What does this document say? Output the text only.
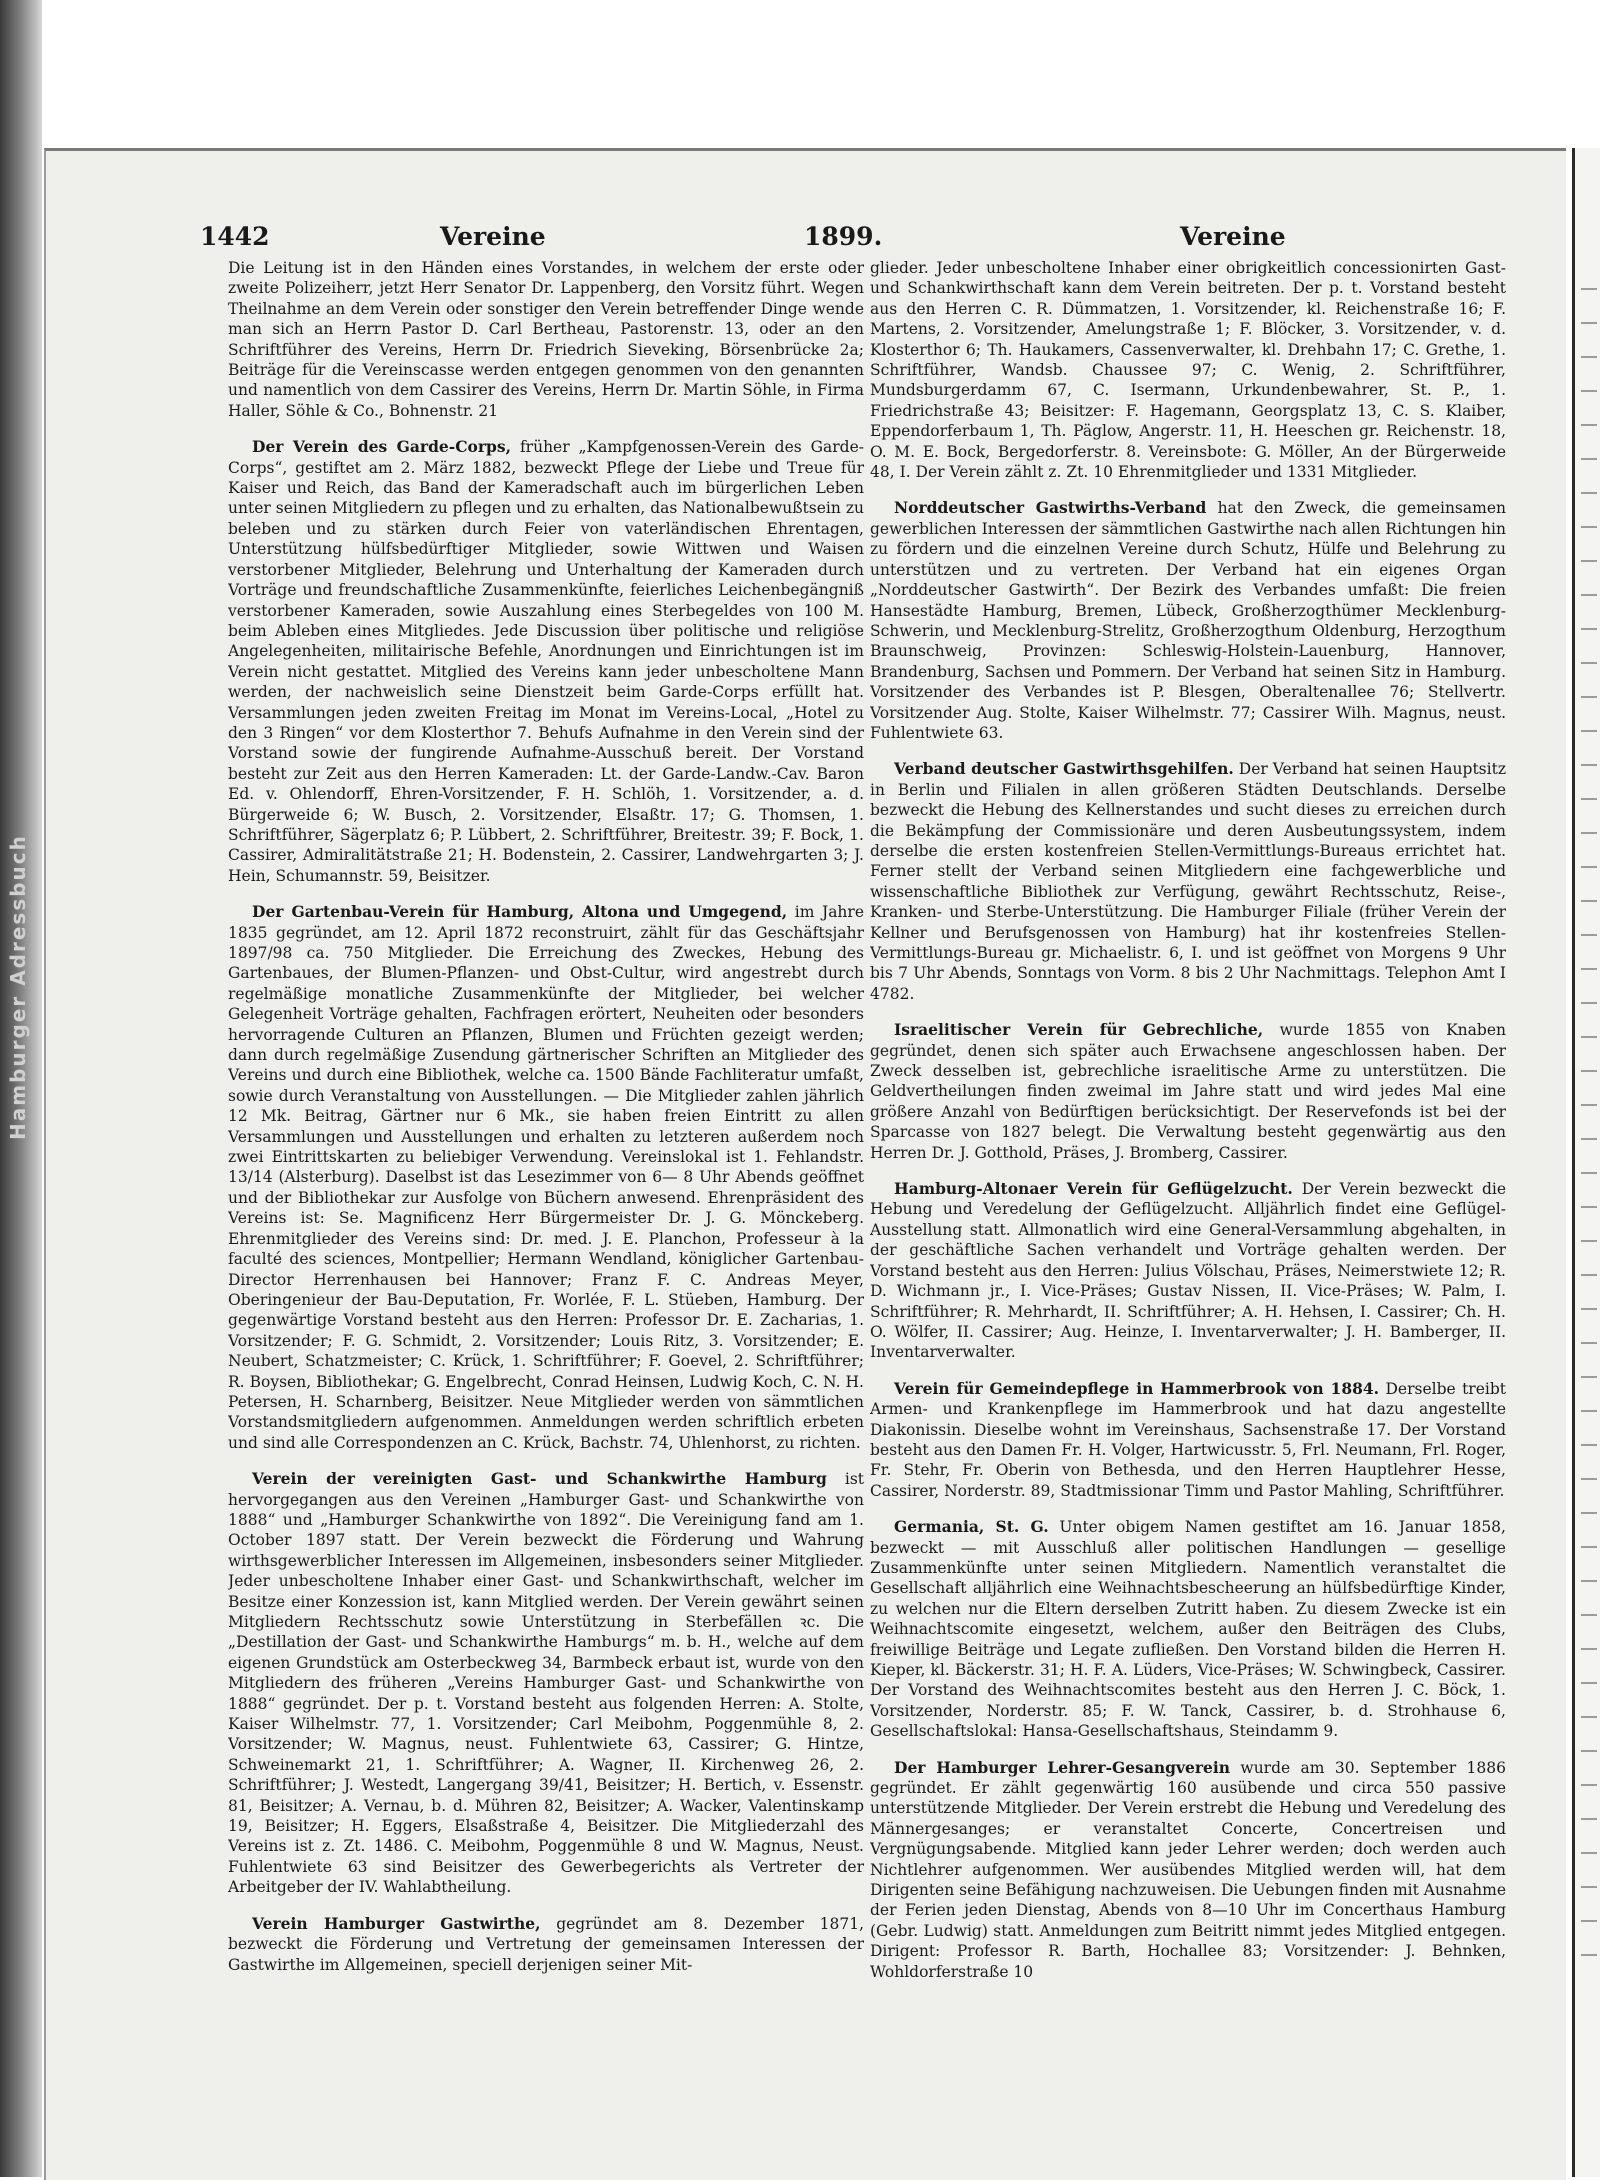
Hamburger Adressbuch
1442	Vereine	1899.	Vereine

Die Leitung ist in den Händen eines Vorstandes, in welchem der erste oder zweite Polizeiherr, jetzt Herr Senator Dr. Lappenberg, den Vorsitz führt. Wegen Theilnahme an dem Verein oder sonstiger den Verein betreffender Dinge wende man sich an Herrn Pastor D. Carl Bertheau, Pastorenstr. 13, oder an den Schriftführer des Vereins, Herrn Dr. Friedrich Sieveking, Börsenbrücke 2a; Beiträge für die Vereinscasse werden entgegen genommen von den genannten und namentlich von dem Cassirer des Vereins, Herrn Dr. Martin Söhle, in Firma Haller, Söhle & Co., Bohnenstr. 21

Der Verein des Garde-Corps, früher „Kampfgenossen-Verein des Garde-Corps“, gestiftet am 2. März 1882, bezweckt Pflege der Liebe und Treue für Kaiser und Reich, das Band der Kameradschaft auch im bürgerlichen Leben unter seinen Mitgliedern zu pflegen und zu erhalten, das Nationalbewußtsein zu beleben und zu stärken durch Feier von vaterländischen Ehrentagen, Unterstützung hülfsbedürftiger Mitglieder, sowie Wittwen und Waisen verstorbener Mitglieder, Belehrung und Unterhaltung der Kameraden durch Vorträge und freundschaftliche Zusammenkünfte, feierliches Leichenbegängniß verstorbener Kameraden, sowie Auszahlung eines Sterbegeldes von 100 M. beim Ableben eines Mitgliedes. Jede Discussion über politische und religiöse Angelegenheiten, militairische Befehle, Anordnungen und Einrichtungen ist im Verein nicht gestattet. Mitglied des Vereins kann jeder unbescholtene Mann werden, der nachweislich seine Dienstzeit beim Garde-Corps erfüllt hat. Versammlungen jeden zweiten Freitag im Monat im Vereins-Local, „Hotel zu den 3 Ringen“ vor dem Klosterthor 7. Behufs Aufnahme in den Verein sind der Vorstand sowie der fungirende Aufnahme-Ausschuß bereit. Der Vorstand besteht zur Zeit aus den Herren Kameraden: Lt. der Garde-Landw.-Cav. Baron Ed. v. Ohlendorff, Ehren-Vorsitzender, F. H. Schlöh, 1. Vorsitzender, a. d. Bürgerweide 6; W. Busch, 2. Vorsitzender, Elsaßtr. 17; G. Thomsen, 1. Schriftführer, Sägerplatz 6; P. Lübbert, 2. Schriftführer, Breitestr. 39; F. Bock, 1. Cassirer, Admiralitätstraße 21; H. Bodenstein, 2. Cassirer, Landwehrgarten 3; J. Hein, Schumannstr. 59, Beisitzer.

Der Gartenbau-Verein für Hamburg, Altona und Umgegend, im Jahre 1835 gegründet, am 12. April 1872 reconstruirt, zählt für das Geschäftsjahr 1897/98 ca. 750 Mitglieder. Die Erreichung des Zweckes, Hebung des Gartenbaues, der Blumen-Pflanzen- und Obst-Cultur, wird angestrebt durch regelmäßige monatliche Zusammenkünfte der Mitglieder, bei welcher Gelegenheit Vorträge gehalten, Fachfragen erörtert, Neuheiten oder besonders hervorragende Culturen an Pflanzen, Blumen und Früchten gezeigt werden; dann durch regelmäßige Zusendung gärtnerischer Schriften an Mitglieder des Vereins und durch eine Bibliothek, welche ca. 1500 Bände Fachliteratur umfaßt, sowie durch Veranstaltung von Ausstellungen. — Die Mitglieder zahlen jährlich 12 Mk. Beitrag, Gärtner nur 6 Mk., sie haben freien Eintritt zu allen Versammlungen und Ausstellungen und erhalten zu letzteren außerdem noch zwei Eintrittskarten zu beliebiger Verwendung. Vereinslokal ist 1. Fehlandstr. 13/14 (Alsterburg). Daselbst ist das Lesezimmer von 6— 8 Uhr Abends geöffnet und der Bibliothekar zur Ausfolge von Büchern anwesend. Ehrenpräsident des Vereins ist: Se. Magnificenz Herr Bürgermeister Dr. J. G. Mönckeberg. Ehrenmitglieder des Vereins sind: Dr. med. J. E. Planchon, Professeur à la faculté des sciences, Montpellier; Hermann Wendland, königlicher Gartenbau-Director Herrenhausen bei Hannover; Franz F. C. Andreas Meyer, Oberingenieur der Bau-Deputation, Fr. Worlée, F. L. Stüeben, Hamburg. Der gegenwärtige Vorstand besteht aus den Herren: Professor Dr. E. Zacharias, 1. Vorsitzender; F. G. Schmidt, 2. Vorsitzender; Louis Ritz, 3. Vorsitzender; E. Neubert, Schatzmeister; C. Krück, 1. Schriftführer; F. Goevel, 2. Schriftführer; R. Boysen, Bibliothekar; G. Engelbrecht, Conrad Heinsen, Ludwig Koch, C. N. H. Petersen, H. Scharnberg, Beisitzer. Neue Mitglieder werden von sämmtlichen Vorstandsmitgliedern aufgenommen. Anmeldungen werden schriftlich erbeten und sind alle Correspondenzen an C. Krück, Bachstr. 74, Uhlenhorst, zu richten.

Verein der vereinigten Gast- und Schankwirthe Hamburg ist hervorgegangen aus den Vereinen „Hamburger Gast- und Schankwirthe von 1888“ und „Hamburger Schankwirthe von 1892“. Die Vereinigung fand am 1. October 1897 statt. Der Verein bezweckt die Förderung und Wahrung wirthsgewerblicher Interessen im Allgemeinen, insbesonders seiner Mitglieder. Jeder unbescholtene Inhaber einer Gast- und Schankwirthschaft, welcher im Besitze einer Konzession ist, kann Mitglied werden. Der Verein gewährt seinen Mitgliedern Rechtsschutz sowie Unterstützung in Sterbefällen ꝛc. Die „Destillation der Gast- und Schankwirthe Hamburgs“ m. b. H., welche auf dem eigenen Grundstück am Osterbeckweg 34, Barmbeck erbaut ist, wurde von den Mitgliedern des früheren „Vereins Hamburger Gast- und Schankwirthe von 1888“ gegründet. Der p. t. Vorstand besteht aus folgenden Herren: A. Stolte, Kaiser Wilhelmstr. 77, 1. Vorsitzender; Carl Meibohm, Poggenmühle 8, 2. Vorsitzender; W. Magnus, neust. Fuhlentwiete 63, Cassirer; G. Hintze, Schweinemarkt 21, 1. Schriftführer; A. Wagner, II. Kirchenweg 26, 2. Schriftführer; J. Westedt, Langergang 39/41, Beisitzer; H. Bertich, v. Essenstr. 81, Beisitzer; A. Vernau, b. d. Mühren 82, Beisitzer; A. Wacker, Valentinskamp 19, Beisitzer; H. Eggers, Elsaßstraße 4, Beisitzer. Die Mitgliederzahl des Vereins ist z. Zt. 1486. C. Meibohm, Poggenmühle 8 und W. Magnus, Neust. Fuhlentwiete 63 sind Beisitzer des Gewerbegerichts als Vertreter der Arbeitgeber der IV. Wahlabtheilung.

Verein Hamburger Gastwirthe, gegründet am 8. Dezember 1871, bezweckt die Förderung und Vertretung der gemeinsamen Interessen der Gastwirthe im Allgemeinen, speciell derjenigen seiner Mit-

glieder. Jeder unbescholtene Inhaber einer obrigkeitlich concessionirten Gast- und Schankwirthschaft kann dem Verein beitreten. Der p. t. Vorstand besteht aus den Herren C. R. Dümmatzen, 1. Vorsitzender, kl. Reichenstraße 16; F. Martens, 2. Vorsitzender, Amelungstraße 1; F. Blöcker, 3. Vorsitzender, v. d. Klosterthor 6; Th. Haukamers, Cassenverwalter, kl. Drehbahn 17; C. Grethe, 1. Schriftführer, Wandsb. Chaussee 97; C. Wenig, 2. Schriftführer, Mundsburgerdamm 67, C. Isermann, Urkundenbewahrer, St. P., 1. Friedrichstraße 43; Beisitzer: F. Hagemann, Georgsplatz 13, C. S. Klaiber, Eppendorferbaum 1, Th. Päglow, Angerstr. 11, H. Heeschen gr. Reichenstr. 18, O. M. E. Bock, Bergedorferstr. 8. Vereinsbote: G. Möller, An der Bürgerweide 48, I. Der Verein zählt z. Zt. 10 Ehrenmitglieder und 1331 Mitglieder.

Norddeutscher Gastwirths-Verband hat den Zweck, die gemeinsamen gewerblichen Interessen der sämmtlichen Gastwirthe nach allen Richtungen hin zu fördern und die einzelnen Vereine durch Schutz, Hülfe und Belehrung zu unterstützen und zu vertreten. Der Verband hat ein eigenes Organ „Norddeutscher Gastwirth“. Der Bezirk des Verbandes umfaßt: Die freien Hansestädte Hamburg, Bremen, Lübeck, Großherzogthümer Mecklenburg-Schwerin, und Mecklenburg-Strelitz, Großherzogthum Oldenburg, Herzogthum Braunschweig, Provinzen: Schleswig-Holstein-Lauenburg, Hannover, Brandenburg, Sachsen und Pommern. Der Verband hat seinen Sitz in Hamburg. Vorsitzender des Verbandes ist P. Blesgen, Oberaltenallee 76; Stellvertr. Vorsitzender Aug. Stolte, Kaiser Wilhelmstr. 77; Cassirer Wilh. Magnus, neust. Fuhlentwiete 63.

Verband deutscher Gastwirthsgehilfen. Der Verband hat seinen Hauptsitz in Berlin und Filialen in allen größeren Städten Deutschlands. Derselbe bezweckt die Hebung des Kellnerstandes und sucht dieses zu erreichen durch die Bekämpfung der Commissionäre und deren Ausbeutungssystem, indem derselbe die ersten kostenfreien Stellen-Vermittlungs-Bureaus errichtet hat. Ferner stellt der Verband seinen Mitgliedern eine fachgewerbliche und wissenschaftliche Bibliothek zur Verfügung, gewährt Rechtsschutz, Reise-, Kranken- und Sterbe-Unterstützung. Die Hamburger Filiale (früher Verein der Kellner und Berufsgenossen von Hamburg) hat ihr kostenfreies Stellen-Vermittlungs-Bureau gr. Michaelistr. 6, I. und ist geöffnet von Morgens 9 Uhr bis 7 Uhr Abends, Sonntags von Vorm. 8 bis 2 Uhr Nachmittags. Telephon Amt I 4782.

Israelitischer Verein für Gebrechliche, wurde 1855 von Knaben gegründet, denen sich später auch Erwachsene angeschlossen haben. Der Zweck desselben ist, gebrechliche israelitische Arme zu unterstützen. Die Geldvertheilungen finden zweimal im Jahre statt und wird jedes Mal eine größere Anzahl von Bedürftigen berücksichtigt. Der Reservefonds ist bei der Sparcasse von 1827 belegt. Die Verwaltung besteht gegenwärtig aus den Herren Dr. J. Gotthold, Präses, J. Bromberg, Cassirer.

Hamburg-Altonaer Verein für Geflügelzucht. Der Verein bezweckt die Hebung und Veredelung der Geflügelzucht. Alljährlich findet eine Geflügel-Ausstellung statt. Allmonatlich wird eine General-Versammlung abgehalten, in der geschäftliche Sachen verhandelt und Vorträge gehalten werden. Der Vorstand besteht aus den Herren: Julius Völschau, Präses, Neimerstwiete 12; R. D. Wichmann jr., I. Vice-Präses; Gustav Nissen, II. Vice-Präses; W. Palm, I. Schriftführer; R. Mehrhardt, II. Schriftführer; A. H. Hehsen, I. Cassirer; Ch. H. O. Wölfer, II. Cassirer; Aug. Heinze, I. Inventarverwalter; J. H. Bamberger, II. Inventarverwalter.

Verein für Gemeindepflege in Hammerbrook von 1884. Derselbe treibt Armen- und Krankenpflege im Hammerbrook und hat dazu angestellte Diakonissin. Dieselbe wohnt im Vereinshaus, Sachsenstraße 17. Der Vorstand besteht aus den Damen Fr. H. Volger, Hartwicusstr. 5, Frl. Neumann, Frl. Roger, Fr. Stehr, Fr. Oberin von Bethesda, und den Herren Hauptlehrer Hesse, Cassirer, Norderstr. 89, Stadtmissionar Timm und Pastor Mahling, Schriftführer.

Germania, St. G. Unter obigem Namen gestiftet am 16. Januar 1858, bezweckt — mit Ausschluß aller politischen Handlungen — gesellige Zusammenkünfte unter seinen Mitgliedern. Namentlich veranstaltet die Gesellschaft alljährlich eine Weihnachtsbescheerung an hülfsbedürftige Kinder, zu welchen nur die Eltern derselben Zutritt haben. Zu diesem Zwecke ist ein Weihnachtscomite eingesetzt, welchem, außer den Beiträgen des Clubs, freiwillige Beiträge und Legate zufließen. Den Vorstand bilden die Herren H. Kieper, kl. Bäckerstr. 31; H. F. A. Lüders, Vice-Präses; W. Schwingbeck, Cassirer. Der Vorstand des Weihnachtscomites besteht aus den Herren J. C. Böck, 1. Vorsitzender, Norderstr. 85; F. W. Tanck, Cassirer, b. d. Strohhause 6, Gesellschaftslokal: Hansa-Gesellschaftshaus, Steindamm 9.

Der Hamburger Lehrer-Gesangverein wurde am 30. September 1886 gegründet. Er zählt gegenwärtig 160 ausübende und circa 550 passive unterstützende Mitglieder. Der Verein erstrebt die Hebung und Veredelung des Männergesanges; er veranstaltet Concerte, Concertreisen und Vergnügungsabende. Mitglied kann jeder Lehrer werden; doch werden auch Nichtlehrer aufgenommen. Wer ausübendes Mitglied werden will, hat dem Dirigenten seine Befähigung nachzuweisen. Die Uebungen finden mit Ausnahme der Ferien jeden Dienstag, Abends von 8—10 Uhr im Concerthaus Hamburg (Gebr. Ludwig) statt. Anmeldungen zum Beitritt nimmt jedes Mitglied entgegen. Dirigent: Professor R. Barth, Hochallee 83; Vorsitzender: J. Behnken, Wohldorferstraße 10
